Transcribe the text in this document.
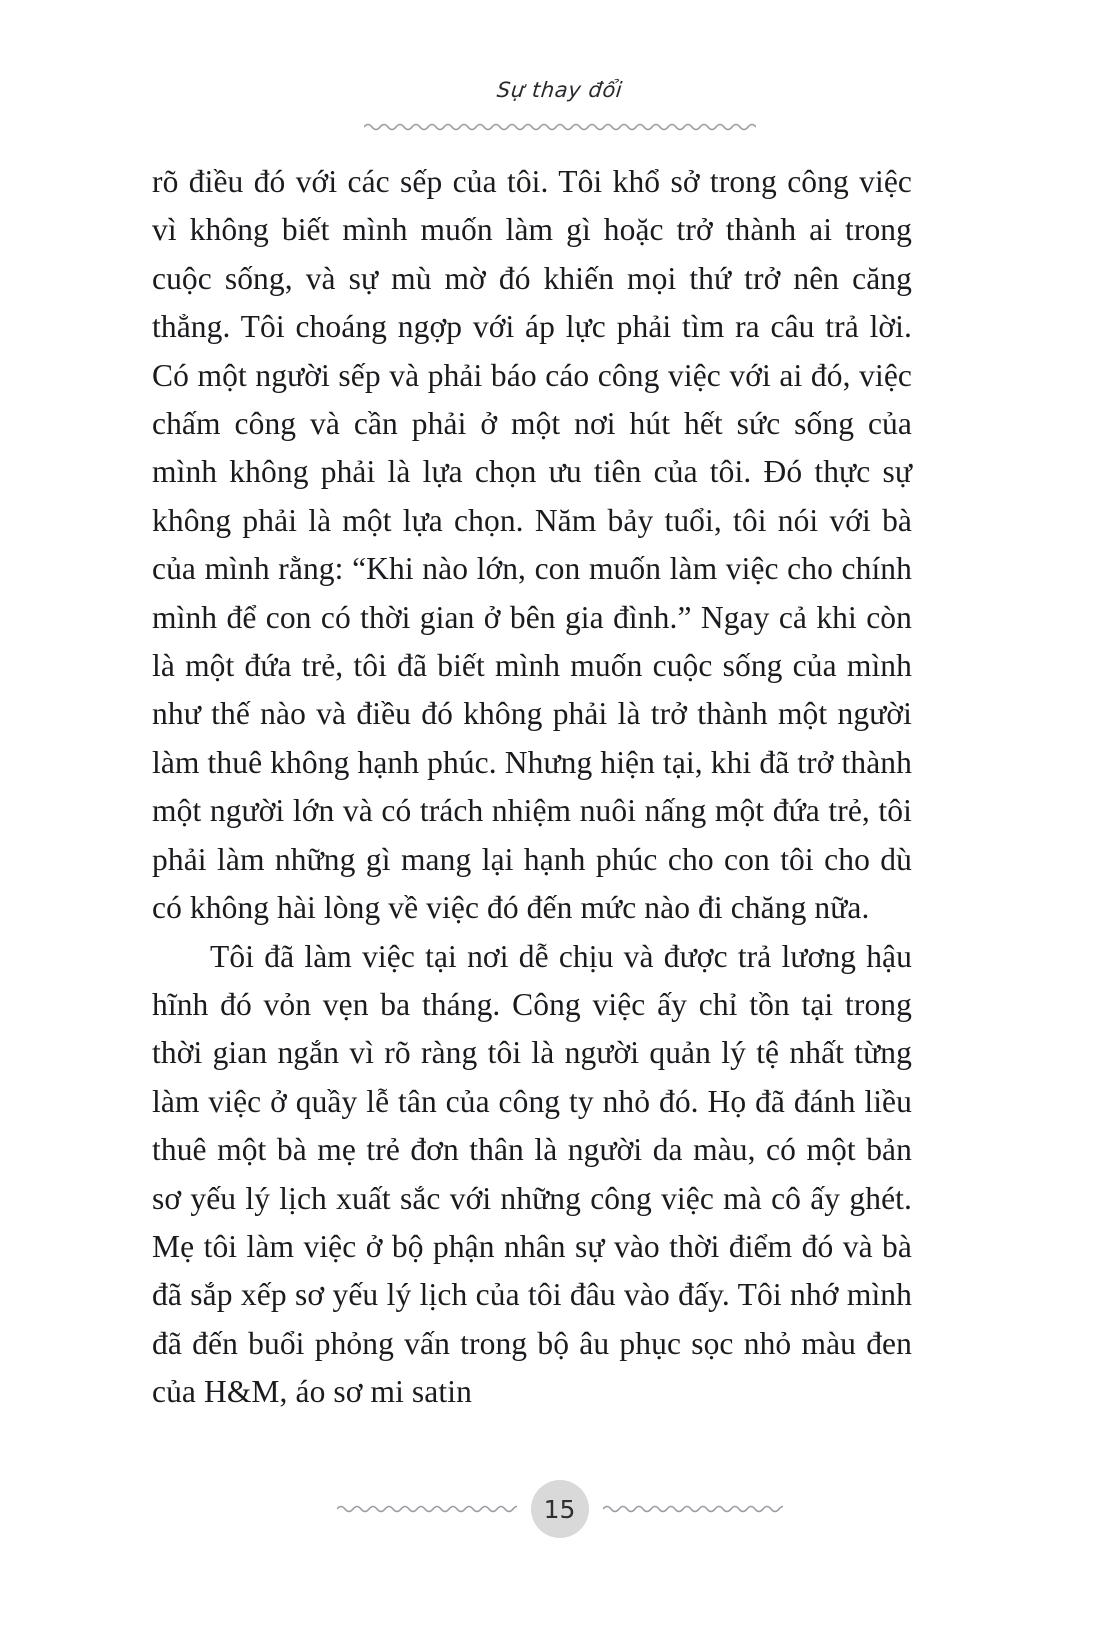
Sự thay đổi

rõ điều đó với các sếp của tôi. Tôi khổ sở trong công việc vì không biết mình muốn làm gì hoặc trở thành ai trong cuộc sống, và sự mù mờ đó khiến mọi thứ trở nên căng thẳng. Tôi choáng ngợp với áp lực phải tìm ra câu trả lời. Có một người sếp và phải báo cáo công việc với ai đó, việc chấm công và cần phải ở một nơi hút hết sức sống của mình không phải là lựa chọn ưu tiên của tôi. Đó thực sự không phải là một lựa chọn. Năm bảy tuổi, tôi nói với bà của mình rằng: “Khi nào lớn, con muốn làm việc cho chính mình để con có thời gian ở bên gia đình.” Ngay cả khi còn là một đứa trẻ, tôi đã biết mình muốn cuộc sống của mình như thế nào và điều đó không phải là trở thành một người làm thuê không hạnh phúc. Nhưng hiện tại, khi đã trở thành một người lớn và có trách nhiệm nuôi nấng một đứa trẻ, tôi phải làm những gì mang lại hạnh phúc cho con tôi cho dù có không hài lòng về việc đó đến mức nào đi chăng nữa.

Tôi đã làm việc tại nơi dễ chịu và được trả lương hậu hĩnh đó vỏn vẹn ba tháng. Công việc ấy chỉ tồn tại trong thời gian ngắn vì rõ ràng tôi là người quản lý tệ nhất từng làm việc ở quầy lễ tân của công ty nhỏ đó. Họ đã đánh liều thuê một bà mẹ trẻ đơn thân là người da màu, có một bản sơ yếu lý lịch xuất sắc với những công việc mà cô ấy ghét. Mẹ tôi làm việc ở bộ phận nhân sự vào thời điểm đó và bà đã sắp xếp sơ yếu lý lịch của tôi đâu vào đấy. Tôi nhớ mình đã đến buổi phỏng vấn trong bộ âu phục sọc nhỏ màu đen của H&M, áo sơ mi satin

15
